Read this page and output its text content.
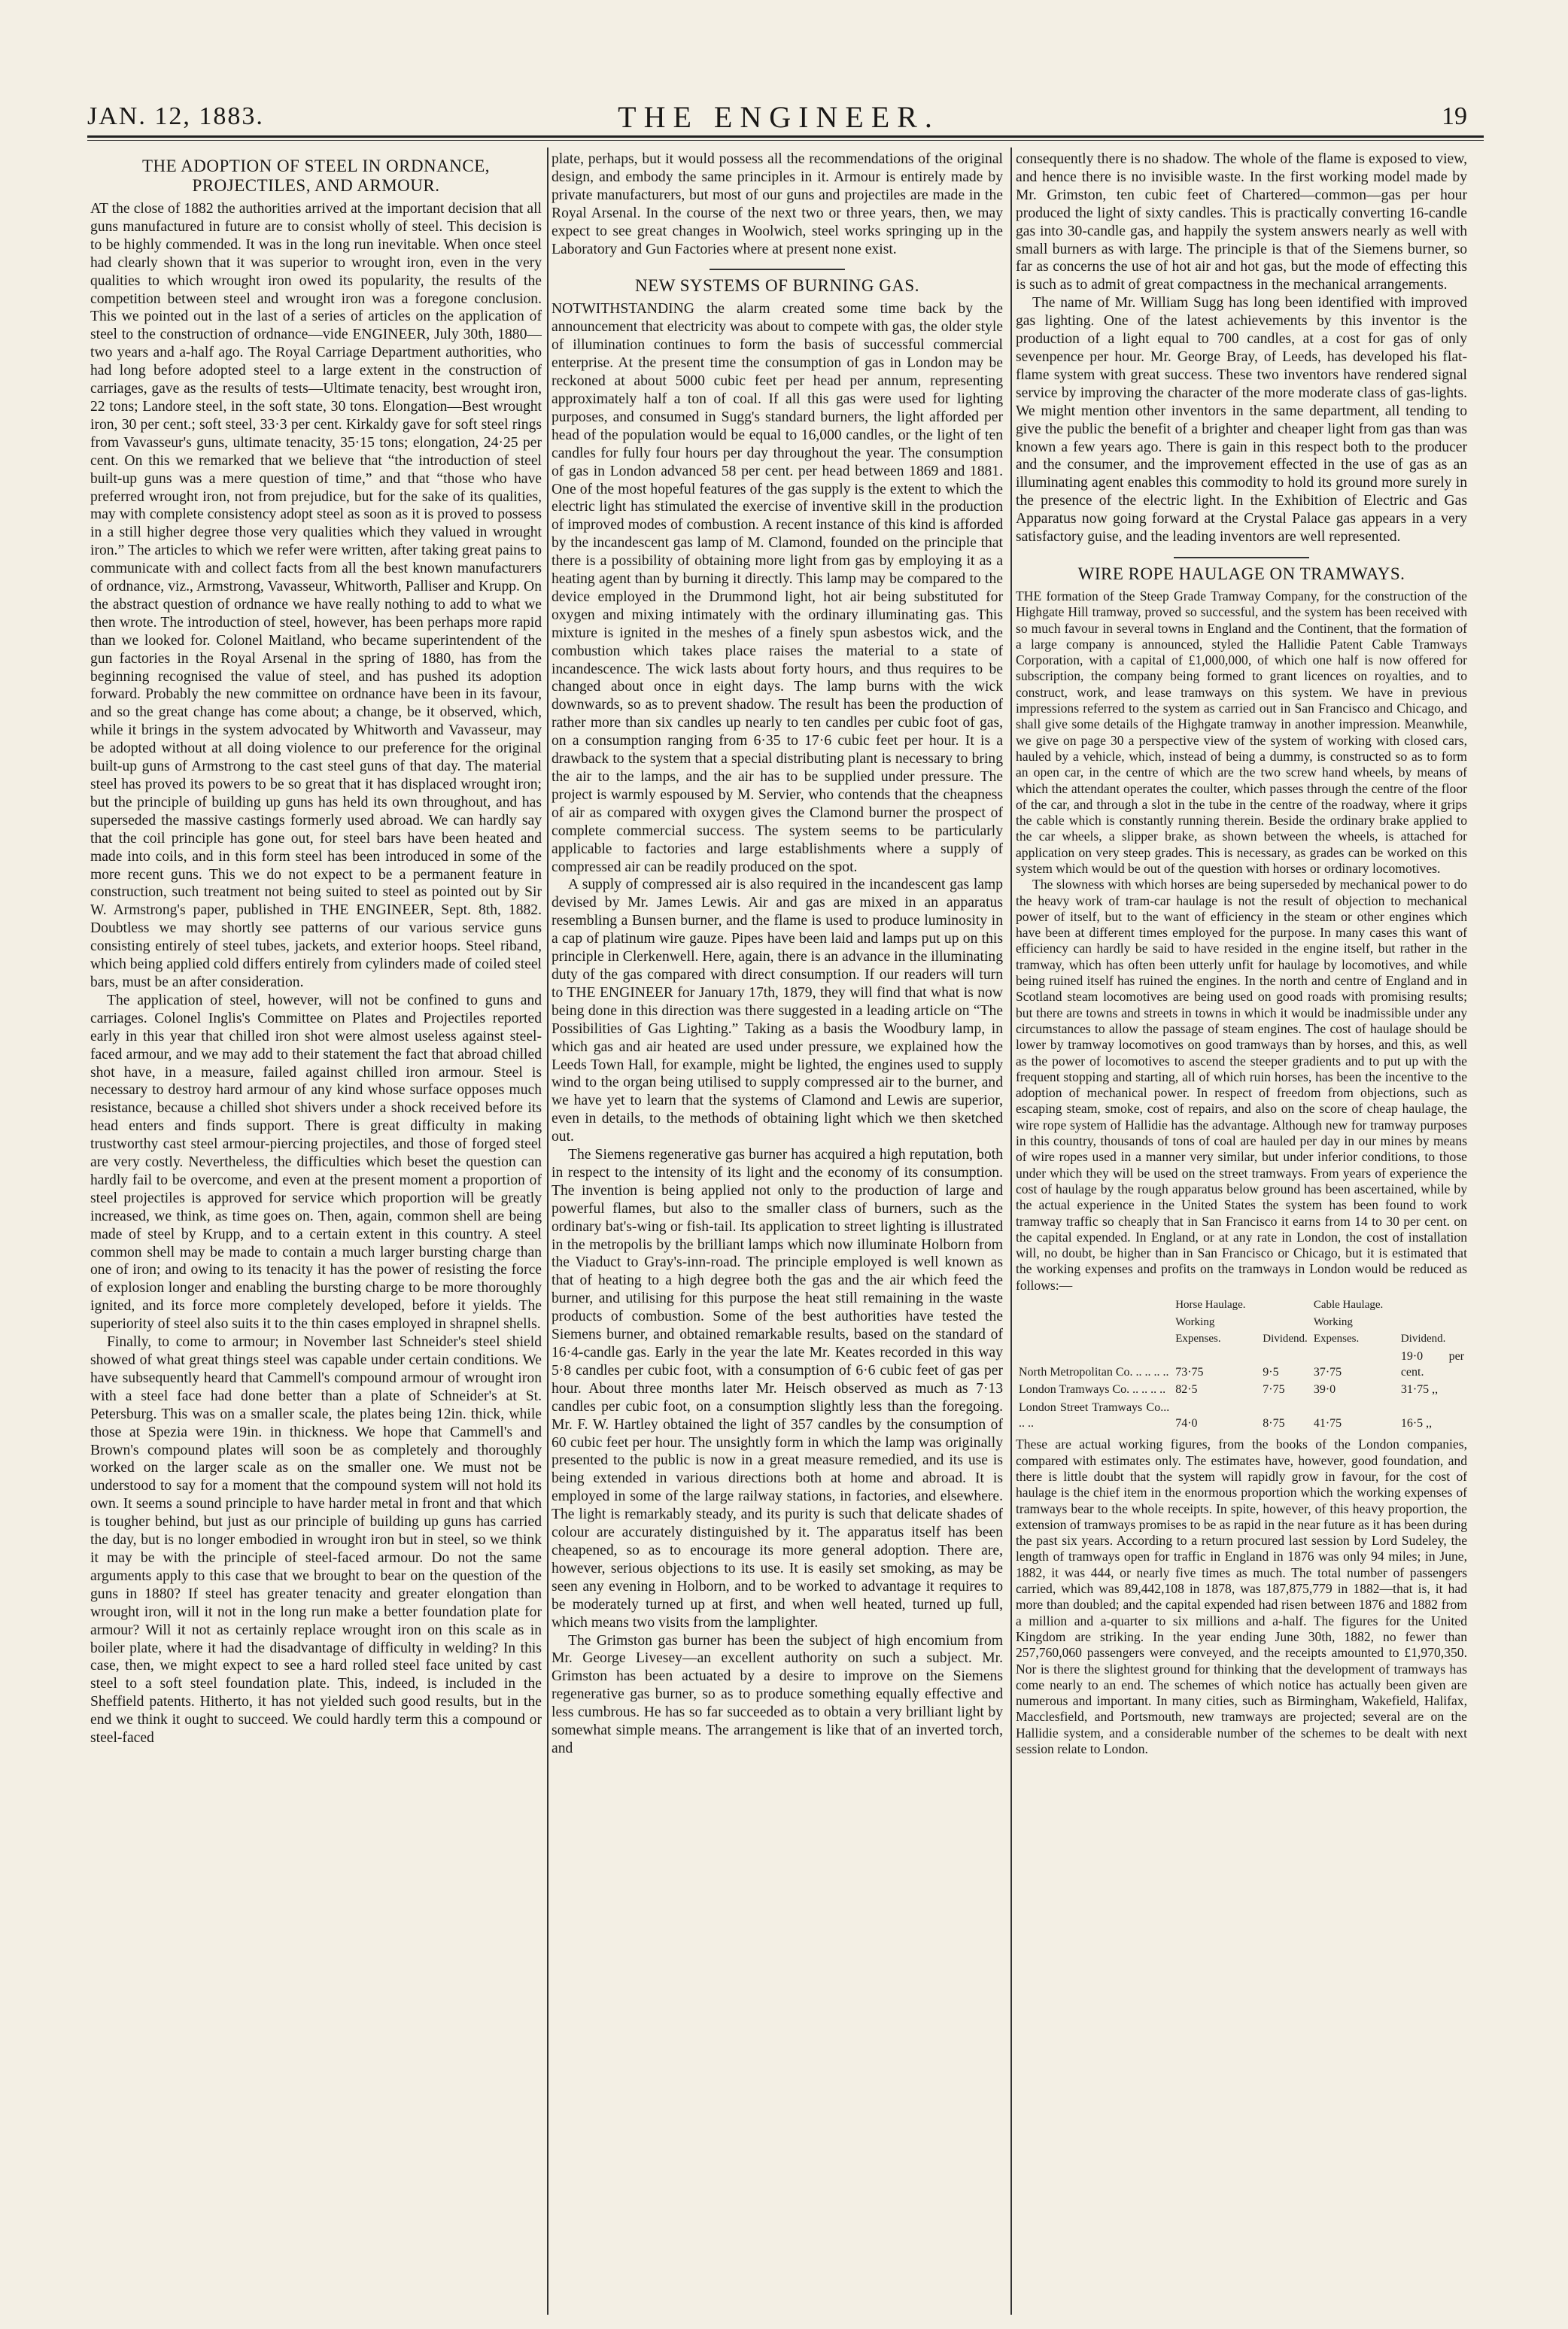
JAN. 12, 1883.	THE ENGINEER.	19
THE ADOPTION OF STEEL IN ORDNANCE, PROJECTILES, AND ARMOUR.

AT the close of 1882 the authorities arrived at the important decision that all guns manufactured in future are to consist wholly of steel. This decision is to be highly commended. It was in the long run inevitable. When once steel had clearly shown that it was superior to wrought iron, even in the very qualities to which wrought iron owed its popularity, the results of the competition between steel and wrought iron was a foregone conclusion. This we pointed out in the last of a series of articles on the application of steel to the construction of ordnance—vide ENGINEER, July 30th, 1880—two years and a-half ago. The Royal Carriage Department authorities, who had long before adopted steel to a large extent in the construction of carriages, gave as the results of tests—Ultimate tenacity, best wrought iron, 22 tons; Landore steel, in the soft state, 30 tons. Elongation—Best wrought iron, 30 per cent.; soft steel, 33·3 per cent. Kirkaldy gave for soft steel rings from Vavasseur's guns, ultimate tenacity, 35·15 tons; elongation, 24·25 per cent. On this we remarked that we believe that “the introduction of steel built-up guns was a mere question of time,” and that “those who have preferred wrought iron, not from prejudice, but for the sake of its qualities, may with complete consistency adopt steel as soon as it is proved to possess in a still higher degree those very qualities which they valued in wrought iron.” The articles to which we refer were written, after taking great pains to communicate with and collect facts from all the best known manufacturers of ordnance, viz., Armstrong, Vavasseur, Whitworth, Palliser and Krupp. On the abstract question of ordnance we have really nothing to add to what we then wrote. The introduction of steel, however, has been perhaps more rapid than we looked for. Colonel Maitland, who became superintendent of the gun factories in the Royal Arsenal in the spring of 1880, has from the beginning recognised the value of steel, and has pushed its adoption forward. Probably the new committee on ordnance have been in its favour, and so the great change has come about; a change, be it observed, which, while it brings in the system advocated by Whitworth and Vavasseur, may be adopted without at all doing violence to our preference for the original built-up guns of Armstrong to the cast steel guns of that day. The material steel has proved its powers to be so great that it has displaced wrought iron; but the principle of building up guns has held its own throughout, and has superseded the massive castings formerly used abroad. We can hardly say that the coil principle has gone out, for steel bars have been heated and made into coils, and in this form steel has been introduced in some of the more recent guns. This we do not expect to be a permanent feature in construction, such treatment not being suited to steel as pointed out by Sir W. Armstrong's paper, published in THE ENGINEER, Sept. 8th, 1882. Doubtless we may shortly see patterns of our various service guns consisting entirely of steel tubes, jackets, and exterior hoops. Steel riband, which being applied cold differs entirely from cylinders made of coiled steel bars, must be an after consideration.

The application of steel, however, will not be confined to guns and carriages. Colonel Inglis's Committee on Plates and Projectiles reported early in this year that chilled iron shot were almost useless against steel-faced armour, and we may add to their statement the fact that abroad chilled shot have, in a measure, failed against chilled iron armour. Steel is necessary to destroy hard armour of any kind whose surface opposes much resistance, because a chilled shot shivers under a shock received before its head enters and finds support. There is great difficulty in making trustworthy cast steel armour-piercing projectiles, and those of forged steel are very costly. Nevertheless, the difficulties which beset the question can hardly fail to be overcome, and even at the present moment a proportion of steel projectiles is approved for service which proportion will be greatly increased, we think, as time goes on. Then, again, common shell are being made of steel by Krupp, and to a certain extent in this country. A steel common shell may be made to contain a much larger bursting charge than one of iron; and owing to its tenacity it has the power of resisting the force of explosion longer and enabling the bursting charge to be more thoroughly ignited, and its force more completely developed, before it yields. The superiority of steel also suits it to the thin cases employed in shrapnel shells.

Finally, to come to armour; in November last Schneider's steel shield showed of what great things steel was capable under certain conditions. We have subsequently heard that Cammell's compound armour of wrought iron with a steel face had done better than a plate of Schneider's at St. Petersburg. This was on a smaller scale, the plates being 12in. thick, while those at Spezia were 19in. in thickness. We hope that Cammell's and Brown's compound plates will soon be as completely and thoroughly worked on the larger scale as on the smaller one. We must not be understood to say for a moment that the compound system will not hold its own. It seems a sound principle to have harder metal in front and that which is tougher behind, but just as our principle of building up guns has carried the day, but is no longer embodied in wrought iron but in steel, so we think it may be with the principle of steel-faced armour. Do not the same arguments apply to this case that we brought to bear on the question of the guns in 1880? If steel has greater tenacity and greater elongation than wrought iron, will it not in the long run make a better foundation plate for armour? Will it not as certainly replace wrought iron on this scale as in boiler plate, where it had the disadvantage of difficulty in welding? In this case, then, we might expect to see a hard rolled steel face united by cast steel to a soft steel foundation plate. This, indeed, is included in the Sheffield patents. Hitherto, it has not yielded such good results, but in the end we think it ought to succeed. We could hardly term this a compound or steel-faced

plate, perhaps, but it would possess all the recommendations of the original design, and embody the same principles in it. Armour is entirely made by private manufacturers, but most of our guns and projectiles are made in the Royal Arsenal. In the course of the next two or three years, then, we may expect to see great changes in Woolwich, steel works springing up in the Laboratory and Gun Factories where at present none exist.

NEW SYSTEMS OF BURNING GAS.

NOTWITHSTANDING the alarm created some time back by the announcement that electricity was about to compete with gas, the older style of illumination continues to form the basis of successful commercial enterprise. At the present time the consumption of gas in London may be reckoned at about 5000 cubic feet per head per annum, representing approximately half a ton of coal. If all this gas were used for lighting purposes, and consumed in Sugg's standard burners, the light afforded per head of the population would be equal to 16,000 candles, or the light of ten candles for fully four hours per day throughout the year. The consumption of gas in London advanced 58 per cent. per head between 1869 and 1881. One of the most hopeful features of the gas supply is the extent to which the electric light has stimulated the exercise of inventive skill in the production of improved modes of combustion. A recent instance of this kind is afforded by the incandescent gas lamp of M. Clamond, founded on the principle that there is a possibility of obtaining more light from gas by employing it as a heating agent than by burning it directly. This lamp may be compared to the device employed in the Drummond light, hot air being substituted for oxygen and mixing intimately with the ordinary illuminating gas. This mixture is ignited in the meshes of a finely spun asbestos wick, and the combustion which takes place raises the material to a state of incandescence. The wick lasts about forty hours, and thus requires to be changed about once in eight days. The lamp burns with the wick downwards, so as to prevent shadow. The result has been the production of rather more than six candles up nearly to ten candles per cubic foot of gas, on a consumption ranging from 6·35 to 17·6 cubic feet per hour. It is a drawback to the system that a special distributing plant is necessary to bring the air to the lamps, and the air has to be supplied under pressure. The project is warmly espoused by M. Servier, who contends that the cheapness of air as compared with oxygen gives the Clamond burner the prospect of complete commercial success. The system seems to be particularly applicable to factories and large establishments where a supply of compressed air can be readily produced on the spot.

A supply of compressed air is also required in the incandescent gas lamp devised by Mr. James Lewis. Air and gas are mixed in an apparatus resembling a Bunsen burner, and the flame is used to produce luminosity in a cap of platinum wire gauze. Pipes have been laid and lamps put up on this principle in Clerkenwell. Here, again, there is an advance in the illuminating duty of the gas compared with direct consumption. If our readers will turn to THE ENGINEER for January 17th, 1879, they will find that what is now being done in this direction was there suggested in a leading article on “The Possibilities of Gas Lighting.” Taking as a basis the Woodbury lamp, in which gas and air heated are used under pressure, we explained how the Leeds Town Hall, for example, might be lighted, the engines used to supply wind to the organ being utilised to supply compressed air to the burner, and we have yet to learn that the systems of Clamond and Lewis are superior, even in details, to the methods of obtaining light which we then sketched out.

The Siemens regenerative gas burner has acquired a high reputation, both in respect to the intensity of its light and the economy of its consumption. The invention is being applied not only to the production of large and powerful flames, but also to the smaller class of burners, such as the ordinary bat's-wing or fish-tail. Its application to street lighting is illustrated in the metropolis by the brilliant lamps which now illuminate Holborn from the Viaduct to Gray's-inn-road. The principle employed is well known as that of heating to a high degree both the gas and the air which feed the burner, and utilising for this purpose the heat still remaining in the waste products of combustion. Some of the best authorities have tested the Siemens burner, and obtained remarkable results, based on the standard of 16·4-candle gas. Early in the year the late Mr. Keates recorded in this way 5·8 candles per cubic foot, with a consumption of 6·6 cubic feet of gas per hour. About three months later Mr. Heisch observed as much as 7·13 candles per cubic foot, on a consumption slightly less than the foregoing. Mr. F. W. Hartley obtained the light of 357 candles by the consumption of 60 cubic feet per hour. The unsightly form in which the lamp was originally presented to the public is now in a great measure remedied, and its use is being extended in various directions both at home and abroad. It is employed in some of the large railway stations, in factories, and elsewhere. The light is remarkably steady, and its purity is such that delicate shades of colour are accurately distinguished by it. The apparatus itself has been cheapened, so as to encourage its more general adoption. There are, however, serious objections to its use. It is easily set smoking, as may be seen any evening in Holborn, and to be worked to advantage it requires to be moderately turned up at first, and when well heated, turned up full, which means two visits from the lamplighter.

The Grimston gas burner has been the subject of high encomium from Mr. George Livesey—an excellent authority on such a subject. Mr. Grimston has been actuated by a desire to improve on the Siemens regenerative gas burner, so as to produce something equally effective and less cumbrous. He has so far succeeded as to obtain a very brilliant light by somewhat simple means. The arrangement is like that of an inverted torch, and

consequently there is no shadow. The whole of the flame is exposed to view, and hence there is no invisible waste. In the first working model made by Mr. Grimston, ten cubic feet of Chartered—common—gas per hour produced the light of sixty candles. This is practically converting 16-candle gas into 30-candle gas, and happily the system answers nearly as well with small burners as with large. The principle is that of the Siemens burner, so far as concerns the use of hot air and hot gas, but the mode of effecting this is such as to admit of great compactness in the mechanical arrangements.

The name of Mr. William Sugg has long been identified with improved gas lighting. One of the latest achievements by this inventor is the production of a light equal to 700 candles, at a cost for gas of only sevenpence per hour. Mr. George Bray, of Leeds, has developed his flat-flame system with great success. These two inventors have rendered signal service by improving the character of the more moderate class of gas-lights. We might mention other inventors in the same department, all tending to give the public the benefit of a brighter and cheaper light from gas than was known a few years ago. There is gain in this respect both to the producer and the consumer, and the improvement effected in the use of gas as an illuminating agent enables this commodity to hold its ground more surely in the presence of the electric light. In the Exhibition of Electric and Gas Apparatus now going forward at the Crystal Palace gas appears in a very satisfactory guise, and the leading inventors are well represented.

WIRE ROPE HAULAGE ON TRAMWAYS.

THE formation of the Steep Grade Tramway Company, for the construction of the Highgate Hill tramway, proved so successful, and the system has been received with so much favour in several towns in England and the Continent, that the formation of a large company is announced, styled the Hallidie Patent Cable Tramways Corporation, with a capital of £1,000,000, of which one half is now offered for subscription, the company being formed to grant licences on royalties, and to construct, work, and lease tramways on this system. We have in previous impressions referred to the system as carried out in San Francisco and Chicago, and shall give some details of the Highgate tramway in another impression. Meanwhile, we give on page 30 a perspective view of the system of working with closed cars, hauled by a vehicle, which, instead of being a dummy, is constructed so as to form an open car, in the centre of which are the two screw hand wheels, by means of which the attendant operates the coulter, which passes through the centre of the floor of the car, and through a slot in the tube in the centre of the roadway, where it grips the cable which is constantly running therein. Beside the ordinary brake applied to the car wheels, a slipper brake, as shown between the wheels, is attached for application on very steep grades. This is necessary, as grades can be worked on this system which would be out of the question with horses or ordinary locomotives.

The slowness with which horses are being superseded by mechanical power to do the heavy work of tram-car haulage is not the result of objection to mechanical power of itself, but to the want of efficiency in the steam or other engines which have been at different times employed for the purpose. In many cases this want of efficiency can hardly be said to have resided in the engine itself, but rather in the tramway, which has often been utterly unfit for haulage by locomotives, and while being ruined itself has ruined the engines. In the north and centre of England and in Scotland steam locomotives are being used on good roads with promising results; but there are towns and streets in towns in which it would be inadmissible under any circumstances to allow the passage of steam engines. The cost of haulage should be lower by tramway locomotives on good tramways than by horses, and this, as well as the power of locomotives to ascend the steeper gradients and to put up with the frequent stopping and starting, all of which ruin horses, has been the incentive to the adoption of mechanical power. In respect of freedom from objections, such as escaping steam, smoke, cost of repairs, and also on the score of cheap haulage, the wire rope system of Hallidie has the advantage. Although new for tramway purposes in this country, thousands of tons of coal are hauled per day in our mines by means of wire ropes used in a manner very similar, but under inferior conditions, to those under which they will be used on the street tramways. From years of experience the cost of haulage by the rough apparatus below ground has been ascertained, while by the actual experience in the United States the system has been found to work tramway traffic so cheaply that in San Francisco it earns from 14 to 30 per cent. on the capital expended. In England, or at any rate in London, the cost of installation will, no doubt, be higher than in San Francisco or Chicago, but it is estimated that the working expenses and profits on the tramways in London would be reduced as follows:—

	Horse Haulage.		Cable Haulage.	
	Working Expenses.	Dividend.	Working Expenses.	Dividend.
North Metropolitan Co. .. .. .. ..	73·75	9·5	37·75	19·0 per cent.
London Tramways Co. .. .. .. ..	82·5	7·75	39·0	31·75 ,,
London Street Tramways Co... .. ..	74·0	8·75	41·75	16·5 ,,

These are actual working figures, from the books of the London companies, compared with estimates only. The estimates have, however, good foundation, and there is little doubt that the system will rapidly grow in favour, for the cost of haulage is the chief item in the enormous proportion which the working expenses of tramways bear to the whole receipts. In spite, however, of this heavy proportion, the extension of tramways promises to be as rapid in the near future as it has been during the past six years. According to a return procured last session by Lord Sudeley, the length of tramways open for traffic in England in 1876 was only 94 miles; in June, 1882, it was 444, or nearly five times as much. The total number of passengers carried, which was 89,442,108 in 1878, was 187,875,779 in 1882—that is, it had more than doubled; and the capital expended had risen between 1876 and 1882 from a million and a-quarter to six millions and a-half. The figures for the United Kingdom are striking. In the year ending June 30th, 1882, no fewer than 257,760,060 passengers were conveyed, and the receipts amounted to £1,970,350. Nor is there the slightest ground for thinking that the development of tramways has come nearly to an end. The schemes of which notice has actually been given are numerous and important. In many cities, such as Birmingham, Wakefield, Halifax, Macclesfield, and Portsmouth, new tramways are projected; several are on the Hallidie system, and a considerable number of the schemes to be dealt with next session relate to London.
